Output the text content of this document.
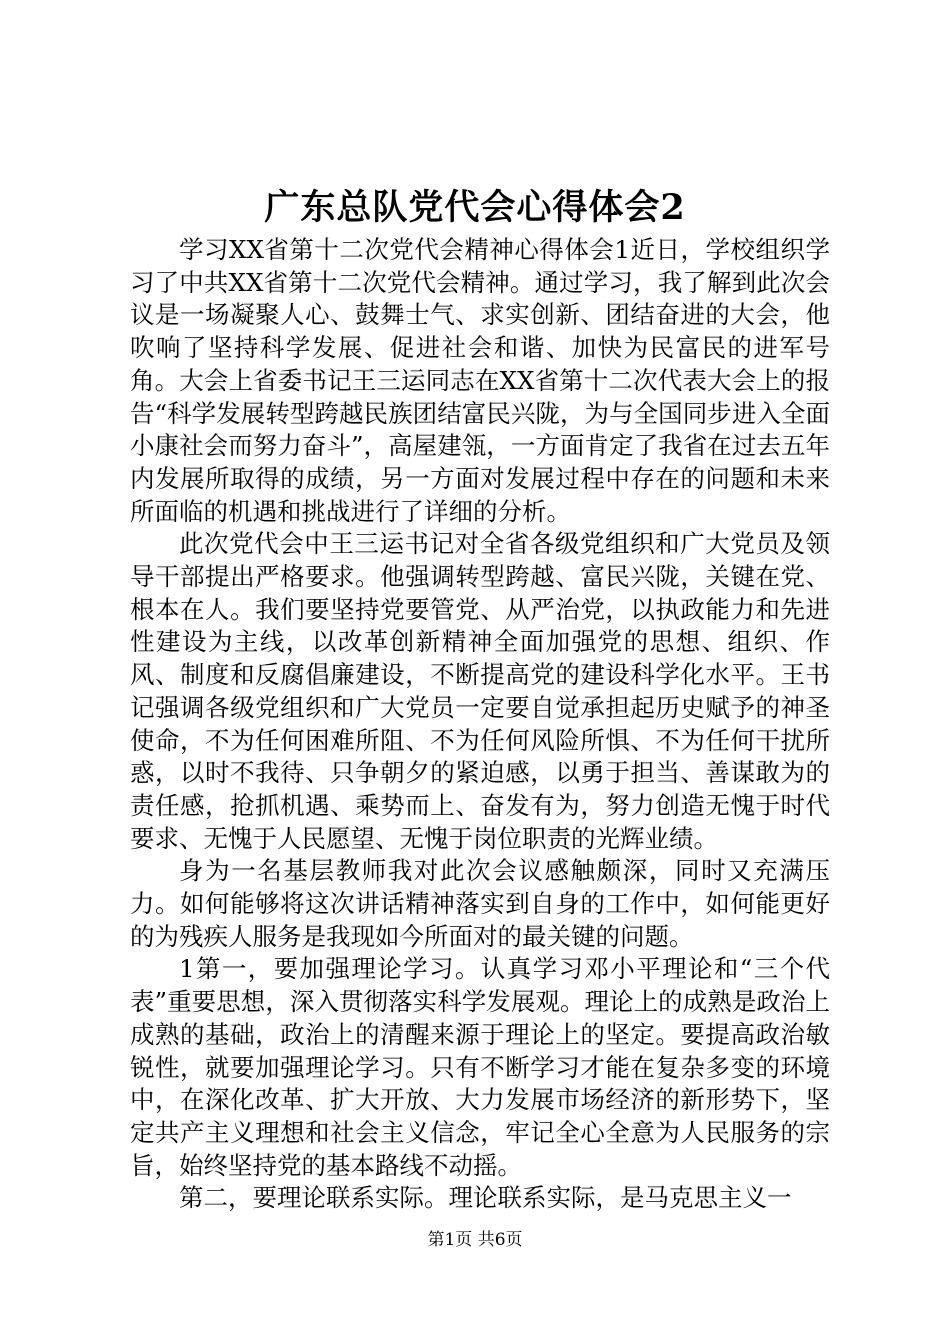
广东总队党代会心得体会2

学习XX省第十二次党代会精神心得体会1近日，学校组织学习了中共XX省第十二次党代会精神。通过学习，我了解到此次会议是一场凝聚人心、鼓舞士气、求实创新、团结奋进的大会，他吹响了坚持科学发展、促进社会和谐、加快为民富民的进军号角。大会上省委书记王三运同志在XX省第十二次代表大会上的报告“科学发展转型跨越民族团结富民兴陇，为与全国同步进入全面小康社会而努力奋斗”，高屋建瓴，一方面肯定了我省在过去五年内发展所取得的成绩，另一方面对发展过程中存在的问题和未来所面临的机遇和挑战进行了详细的分析。

此次党代会中王三运书记对全省各级党组织和广大党员及领导干部提出严格要求。他强调转型跨越、富民兴陇，关键在党、根本在人。我们要坚持党要管党、从严治党，以执政能力和先进性建设为主线，以改革创新精神全面加强党的思想、组织、作风、制度和反腐倡廉建设，不断提高党的建设科学化水平。王书记强调各级党组织和广大党员一定要自觉承担起历史赋予的神圣使命，不为任何困难所阻、不为任何风险所惧、不为任何干扰所惑，以时不我待、只争朝夕的紧迫感，以勇于担当、善谋敢为的责任感，抢抓机遇、乘势而上、奋发有为，努力创造无愧于时代要求、无愧于人民愿望、无愧于岗位职责的光辉业绩。

身为一名基层教师我对此次会议感触颇深，同时又充满压力。如何能够将这次讲话精神落实到自身的工作中，如何能更好的为残疾人服务是我现如今所面对的最关键的问题。

1第一，要加强理论学习。认真学习邓小平理论和“三个代表”重要思想，深入贯彻落实科学发展观。理论上的成熟是政治上成熟的基础，政治上的清醒来源于理论上的坚定。要提高政治敏锐性，就要加强理论学习。只有不断学习才能在复杂多变的环境中，在深化改革、扩大开放、大力发展市场经济的新形势下，坚定共产主义理想和社会主义信念，牢记全心全意为人民服务的宗旨，始终坚持党的基本路线不动摇。

第二，要理论联系实际。理论联系实际，是马克思主义一

第1页 共6页
